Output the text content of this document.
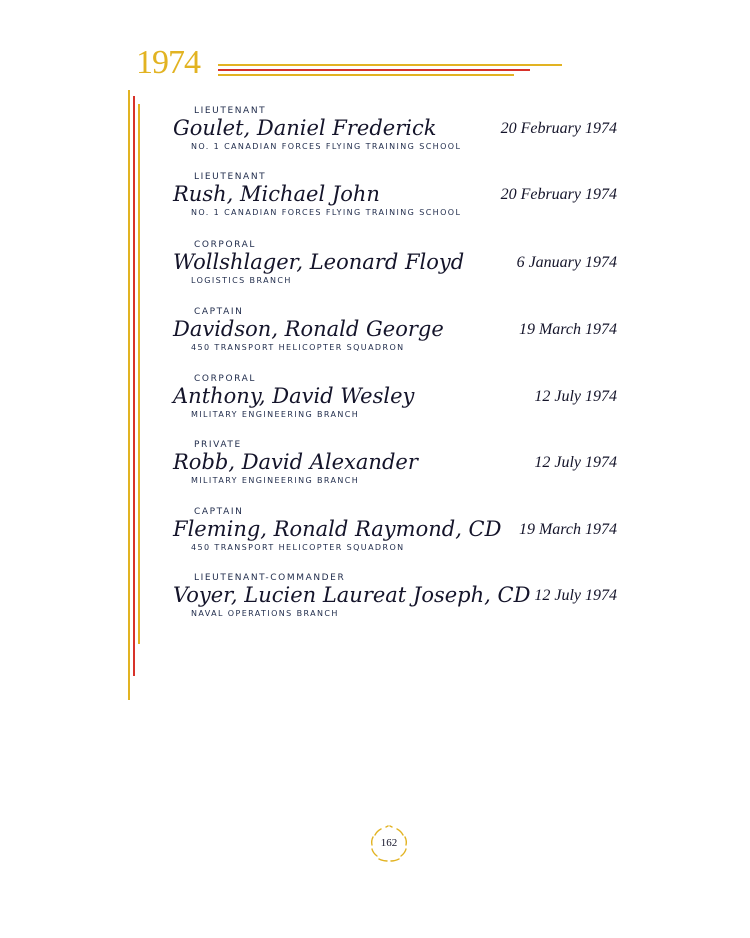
1974
LIEUTENANT
Goulet, Daniel Frederick	20 February 1974
NO. 1 CANADIAN FORCES FLYING TRAINING SCHOOL
LIEUTENANT
Rush, Michael John	20 February 1974
NO. 1 CANADIAN FORCES FLYING TRAINING SCHOOL
CORPORAL
Wollshlager, Leonard Floyd	6 January 1974
LOGISTICS BRANCH
CAPTAIN
Davidson, Ronald George	19 March 1974
450 TRANSPORT HELICOPTER SQUADRON
CORPORAL
Anthony, David Wesley	12 July 1974
MILITARY ENGINEERING BRANCH
PRIVATE
Robb, David Alexander	12 July 1974
MILITARY ENGINEERING BRANCH
CAPTAIN
Fleming, Ronald Raymond, CD 19 March 1974
450 TRANSPORT HELICOPTER SQUADRON
LIEUTENANT-COMMANDER
Voyer, Lucien Laureat Joseph, CD 12 July 1974
NAVAL OPERATIONS BRANCH
162
